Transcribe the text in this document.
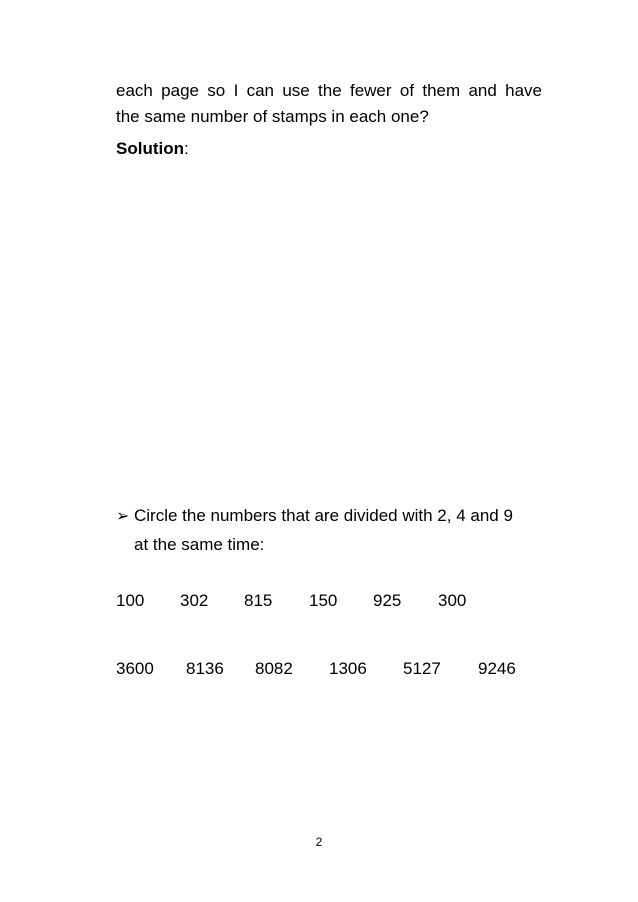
each page so I can use the fewer of them and have
the same number of stamps in each one?
Solution:
➢ Circle the numbers that are divided with 2, 4 and 9
at the same time:
100 302 815 150 925 300
3600 8136 8082 1306 5127 9246
2
